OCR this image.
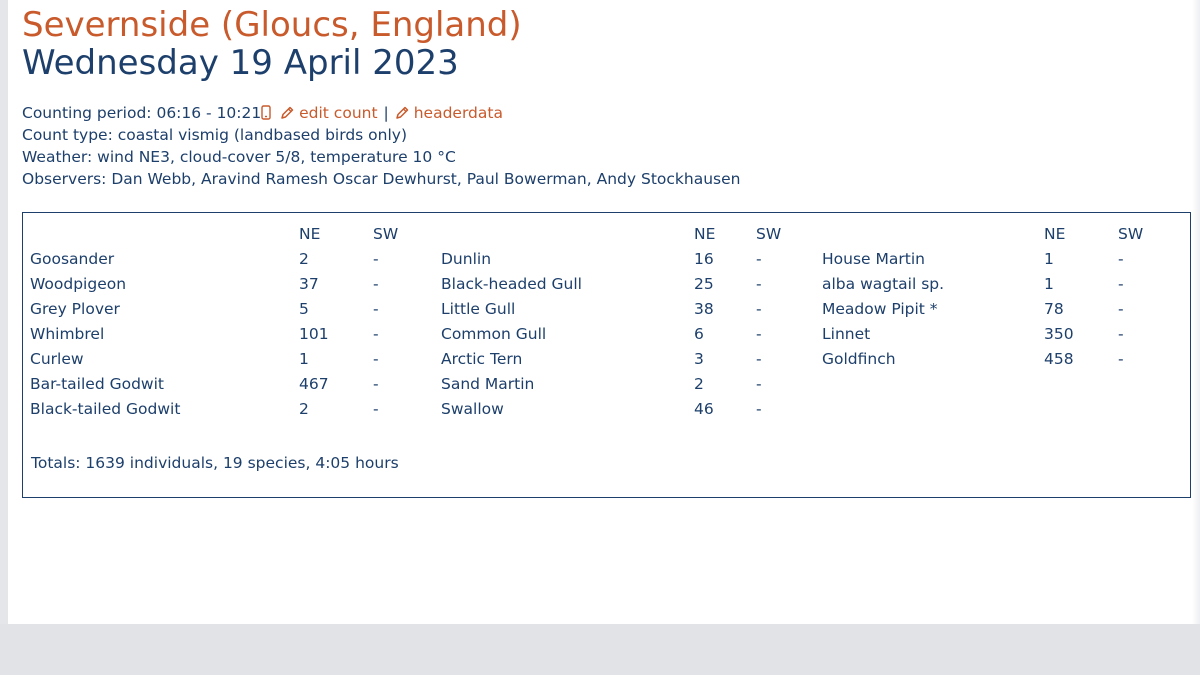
Severnside (Gloucs, England)
Wednesday 19 April 2023
Counting period: 06:16 - 10:21 edit count | headerdata
Count type: coastal vismig (landbased birds only)
Weather: wind NE3, cloud-cover 5/8, temperature 10 °C
Observers: Dan Webb, Aravind Ramesh Oscar Dewhurst, Paul Bowerman, Andy Stockhausen
Totals: 1639 individuals, 19 species, 4:05 hours
NE	SW
Goosander	2	-
Woodpigeon	37	-
Grey Plover	5	-
Whimbrel	101	-
Curlew	1	-
Bar-tailed Godwit	467	-
Black-tailed Godwit	2	-
NE	SW
Dunlin	16	-
Black-headed Gull	25	-
Little Gull	38	-
Common Gull	6	-
Arctic Tern	3	-
Sand Martin	2	-
Swallow	46	-
NE	SW
House Martin	1	-
alba wagtail sp.	1	-
Meadow Pipit *	78	-
Linnet	350	-
Goldfinch	458	-
